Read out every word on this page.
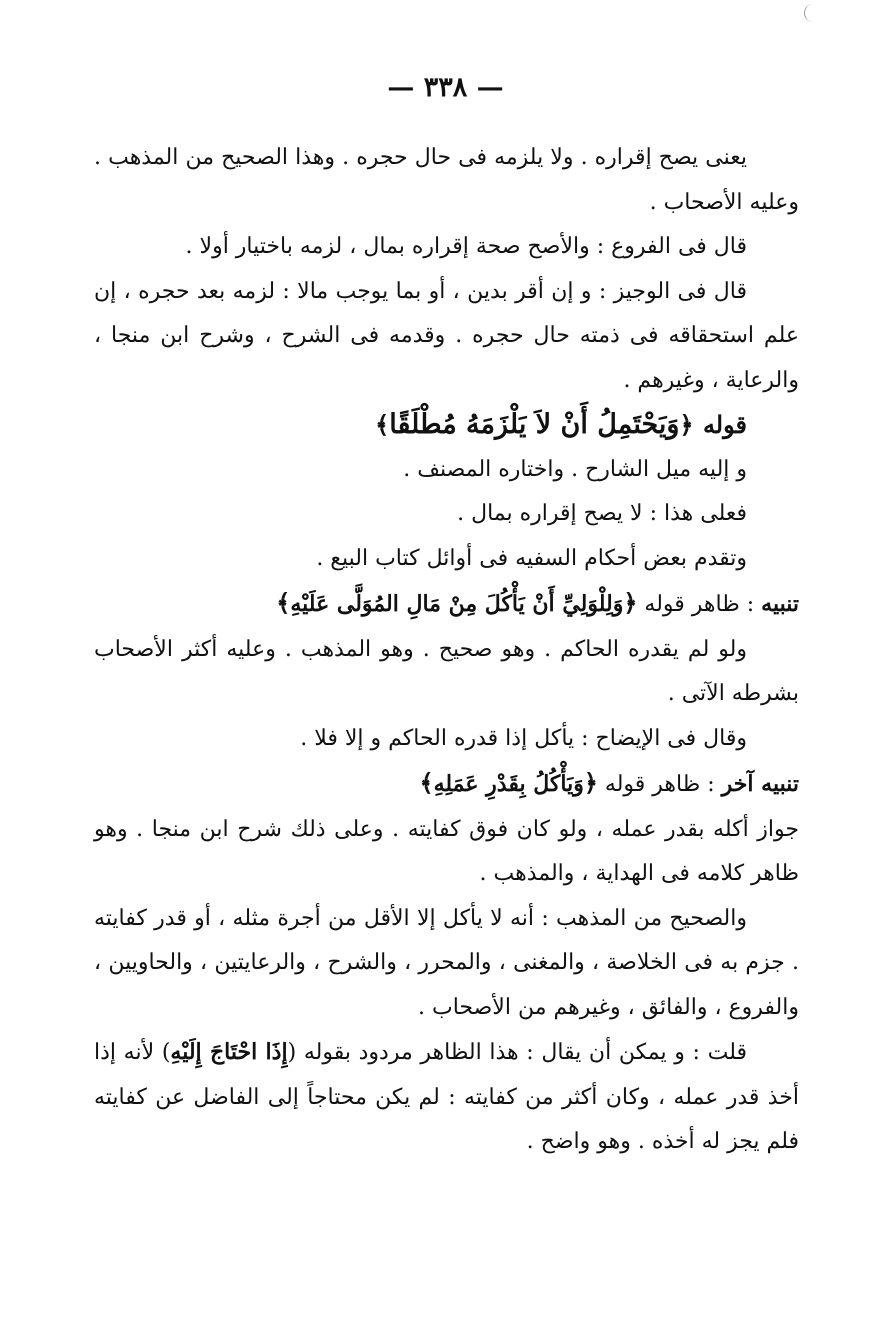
— ٣٣٨ —

يعنى يصح إقراره . ولا يلزمه فى حال حجره . وهذا الصحيح من المذهب . وعليه الأصحاب .

قال فى الفروع : والأصح صحة إقراره بمال ، لزمه باختيار أولا .

قال فى الوجيز : و إن أقر بدين ، أو بما يوجب مالا : لزمه بعد حجره ، إن علم استحقاقه فى ذمته حال حجره . وقدمه فى الشرح ، وشرح ابن منجا ، والرعاية ، وغيرهم .

قوله ﴿وَيَحْتَمِلُ أَنْ لاَ يَلْزَمَهُ مُطْلَقًا﴾

و إليه ميل الشارح . واختاره المصنف .

فعلى هذا : لا يصح إقراره بمال .

وتقدم بعض أحكام السفيه فى أوائل كتاب البيع .

تنبيه : ظاهر قوله ﴿وَلِلْوَلِيِّ أَنْ يَأْكُلَ مِنْ مَالِ المُوَلَّى عَلَيْهِ﴾

ولو لم يقدره الحاكم . وهو صحيح . وهو المذهب . وعليه أكثر الأصحاب بشرطه الآتى .

وقال فى الإيضاح : يأكل إذا قدره الحاكم و إلا فلا .

تنبيه آخر : ظاهر قوله ﴿وَيَأْكُلُ بِقَدْرِ عَمَلِهِ﴾

جواز أكله بقدر عمله ، ولو كان فوق كفايته . وعلى ذلك شرح ابن منجا . وهو ظاهر كلامه فى الهداية ، والمذهب .

والصحيح من المذهب : أنه لا يأكل إلا الأقل من أجرة مثله ، أو قدر كفايته . جزم به فى الخلاصة ، والمغنى ، والمحرر ، والشرح ، والرعايتين ، والحاويين ، والفروع ، والفائق ، وغيرهم من الأصحاب .

قلت : و يمكن أن يقال : هذا الظاهر مردود بقوله (إِذَا احْتَاجَ إِلَيْهِ) لأنه إذا أخذ قدر عمله ، وكان أكثر من كفايته : لم يكن محتاجاً إلى الفاضل عن كفايته فلم يجز له أخذه . وهو واضح .
